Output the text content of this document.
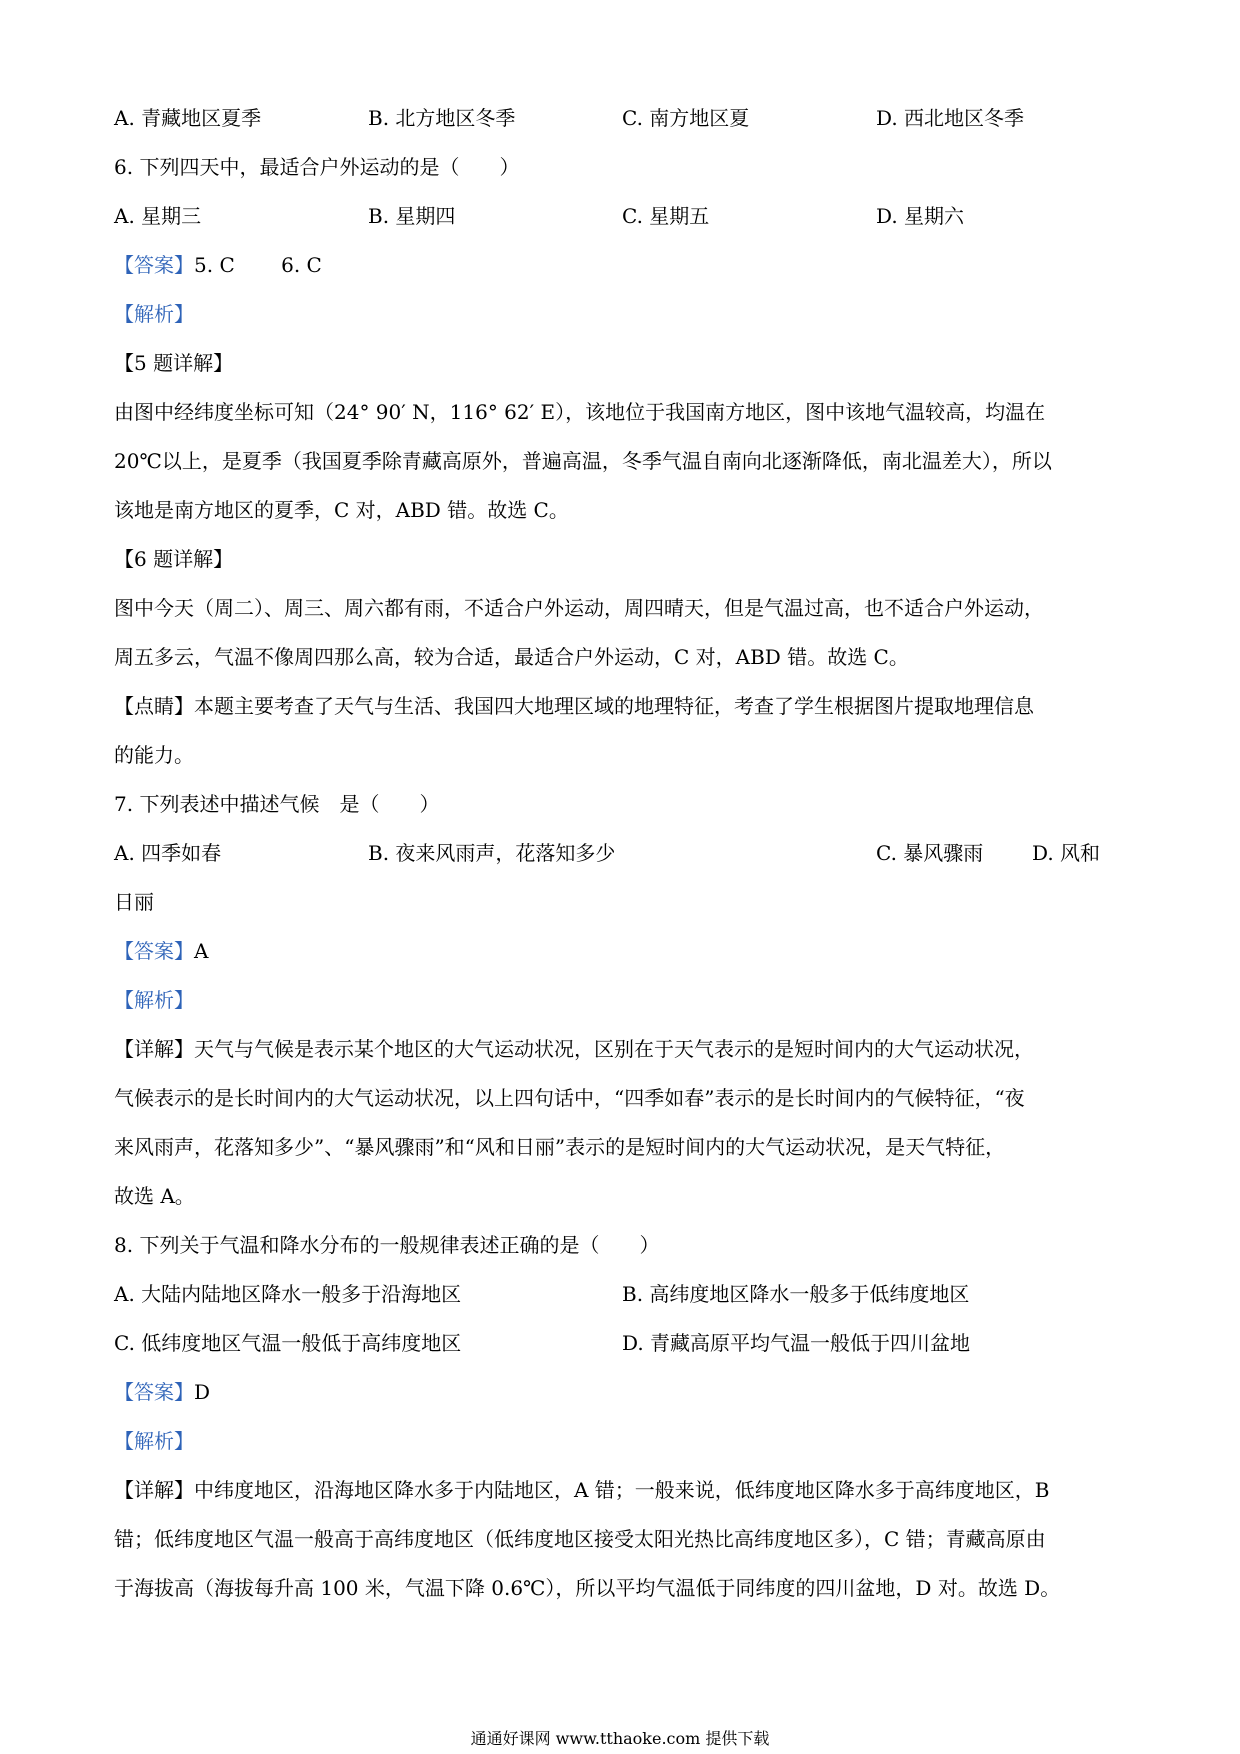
A. 青藏地区夏季	B. 北方地区冬季	C. 南方地区夏	D. 西北地区冬季
6. 下列四天中，最适合户外运动的是（　　）
A. 星期三	B. 星期四	C. 星期五	D. 星期六
【答案】5. C　　 6. C
【解析】
【5 题详解】
由图中经纬度坐标可知（24° 90′ N，116° 62′ E），该地位于我国南方地区，图中该地气温较高，均温在
20℃以上，是夏季（我国夏季除青藏高原外，普遍高温，冬季气温自南向北逐渐降低，南北温差大），所以
该地是南方地区的夏季，C 对，ABD 错。故选 C。
【6 题详解】
图中今天（周二）、周三、周六都有雨，不适合户外运动，周四晴天，但是气温过高，也不适合户外运动，
周五多云，气温不像周四那么高，较为合适，最适合户外运动，C 对，ABD 错。故选 C。
【点睛】本题主要考查了天气与生活、我国四大地理区域的地理特征，考查了学生根据图片提取地理信息
的能力。
7. 下列表述中描述气候　是（　　）
A. 四季如春	B. 夜来风雨声，花落知多少	C. 暴风骤雨 D. 风和
日丽
【答案】A
【解析】
【详解】天气与气候是表示某个地区的大气运动状况，区别在于天气表示的是短时间内的大气运动状况，
气候表示的是长时间内的大气运动状况，以上四句话中，“四季如春”表示的是长时间内的气候特征，“夜
来风雨声，花落知多少”、“暴风骤雨”和“风和日丽”表示的是短时间内的大气运动状况，是天气特征，
故选 A。
8. 下列关于气温和降水分布的一般规律表述正确的是（　　）
A. 大陆内陆地区降水一般多于沿海地区	B. 高纬度地区降水一般多于低纬度地区
C. 低纬度地区气温一般低于高纬度地区	D. 青藏高原平均气温一般低于四川盆地
【答案】D
【解析】
【详解】中纬度地区，沿海地区降水多于内陆地区，A 错；一般来说，低纬度地区降水多于高纬度地区，B
错；低纬度地区气温一般高于高纬度地区（低纬度地区接受太阳光热比高纬度地区多），C 错；青藏高原由
于海拔高（海拔每升高 100 米，气温下降 0.6℃），所以平均气温低于同纬度的四川盆地，D 对。故选 D。
通通好课网 www.tthaoke.com 提供下载
